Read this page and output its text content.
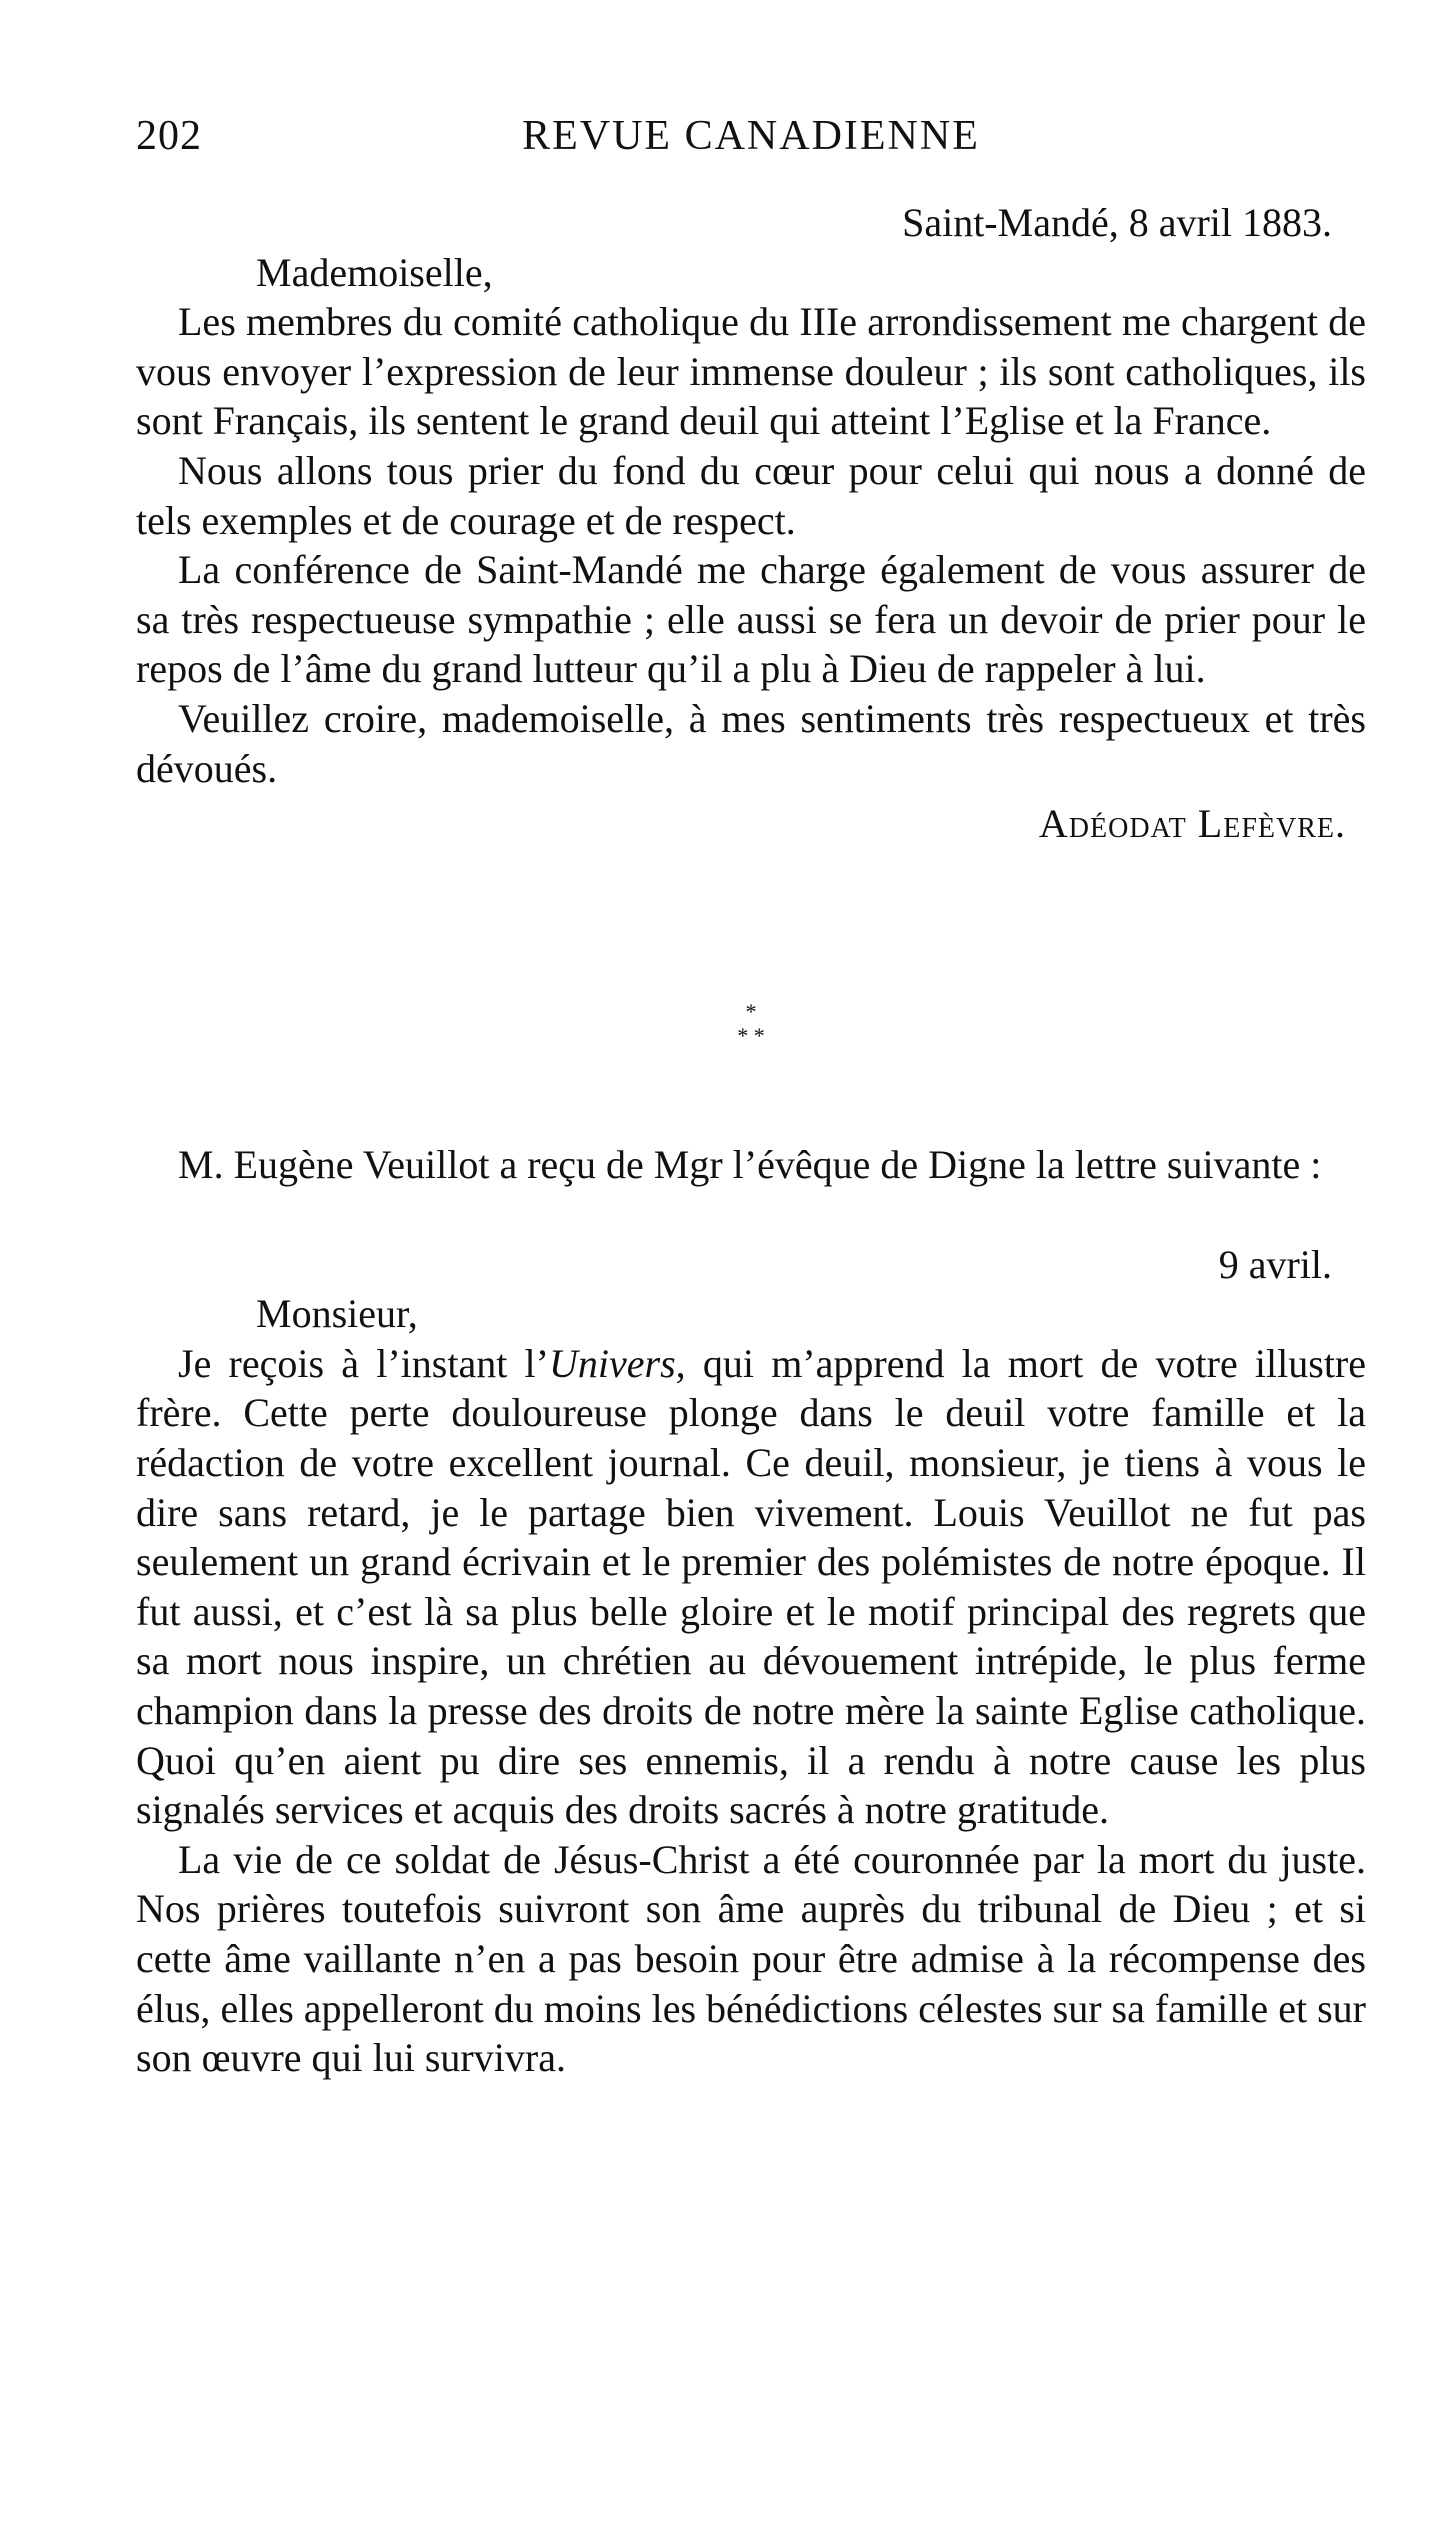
202	REVUE CANADIENNE

Saint-Mandé, 8 avril 1883.

Mademoiselle,

Les membres du comité catholique du IIIe arrondissement me chargent de vous envoyer l’expression de leur immense douleur ; ils sont catholiques, ils sont Français, ils sentent le grand deuil qui atteint l’Eglise et la France.

Nous allons tous prier du fond du cœur pour celui qui nous a donné de tels exemples et de courage et de respect.

La conférence de Saint-Mandé me charge également de vous assurer de sa très respectueuse sympathie ; elle aussi se fera un devoir de prier pour le repos de l’âme du grand lutteur qu’il a plu à Dieu de rappeler à lui.

Veuillez croire, mademoiselle, à mes sentiments très respectueux et très dévoués.

Adéodat Lefèvre.

*
* *

M. Eugène Veuillot a reçu de Mgr l’évêque de Digne la lettre suivante :

9 avril.

Monsieur,

Je reçois à l’instant l’Univers, qui m’apprend la mort de votre illustre frère. Cette perte douloureuse plonge dans le deuil votre famille et la rédaction de votre excellent journal. Ce deuil, monsieur, je tiens à vous le dire sans retard, je le partage bien vivement. Louis Veuillot ne fut pas seulement un grand écrivain et le premier des polémistes de notre époque. Il fut aussi, et c’est là sa plus belle gloire et le motif principal des regrets que sa mort nous inspire, un chrétien au dévouement intrépide, le plus ferme champion dans la presse des droits de notre mère la sainte Eglise catholique. Quoi qu’en aient pu dire ses ennemis, il a rendu à notre cause les plus signalés services et acquis des droits sacrés à notre gratitude.

La vie de ce soldat de Jésus-Christ a été couronnée par la mort du juste. Nos prières toutefois suivront son âme auprès du tribunal de Dieu ; et si cette âme vaillante n’en a pas besoin pour être admise à la récompense des élus, elles appelleront du moins les bénédictions célestes sur sa famille et sur son œuvre qui lui survivra.
